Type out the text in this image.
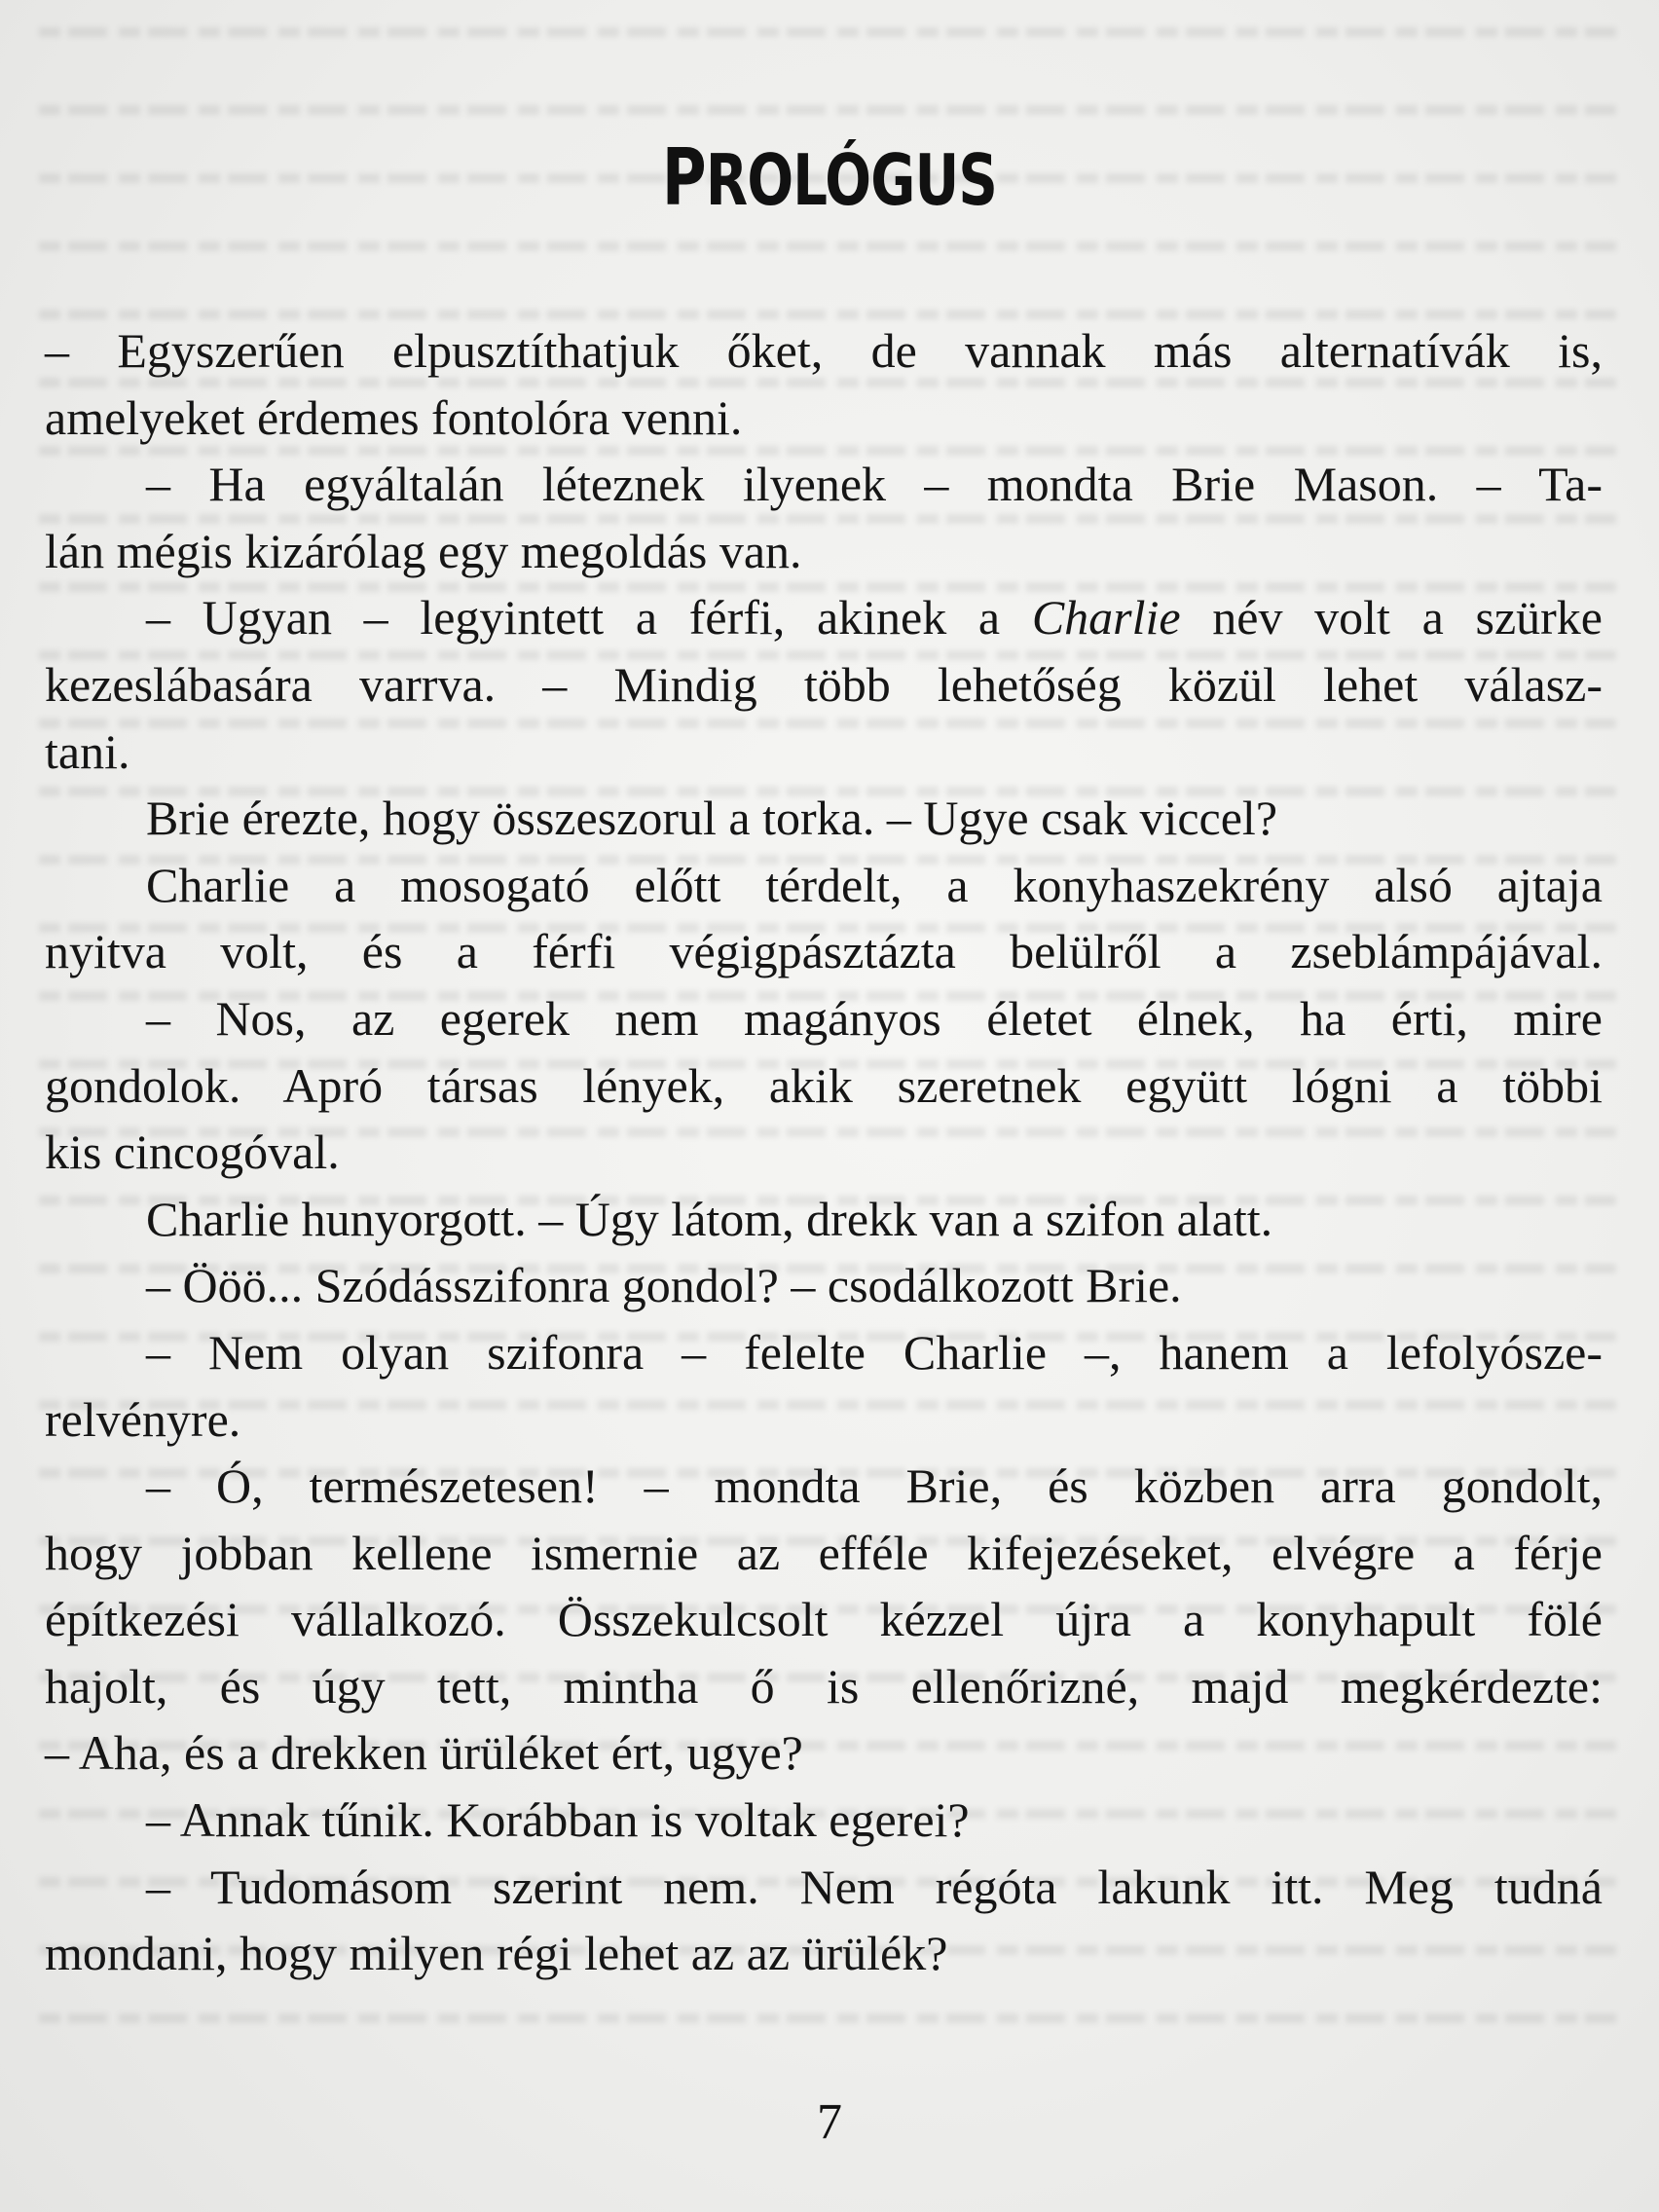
PROLÓGUS
– Egyszerűen elpusztíthatjuk őket, de vannak más alternatívák is,
amelyeket érdemes fontolóra venni.
– Ha egyáltalán léteznek ilyenek – mondta Brie Mason. – Ta-
lán mégis kizárólag egy megoldás van.
– Ugyan – legyintett a férfi, akinek a Charlie név volt a szürke
kezeslábasára varrva. – Mindig több lehetőség közül lehet válasz-
tani.
Brie érezte, hogy összeszorul a torka. – Ugye csak viccel?
Charlie a mosogató előtt térdelt, a konyhaszekrény alsó ajtaja
nyitva volt, és a férfi végigpásztázta belülről a zseblámpájával.
– Nos, az egerek nem magányos életet élnek, ha érti, mire
gondolok. Apró társas lények, akik szeretnek együtt lógni a többi
kis cincogóval.
Charlie hunyorgott. – Úgy látom, drekk van a szifon alatt.
– Ööö... Szódásszifonra gondol? – csodálkozott Brie.
– Nem olyan szifonra – felelte Charlie –, hanem a lefolyósze-
relvényre.
– Ó, természetesen! – mondta Brie, és közben arra gondolt,
hogy jobban kellene ismernie az efféle kifejezéseket, elvégre a férje
építkezési vállalkozó. Összekulcsolt kézzel újra a konyhapult fölé
hajolt, és úgy tett, mintha ő is ellenőrizné, majd megkérdezte:
– Aha, és a drekken ürüléket ért, ugye?
– Annak tűnik. Korábban is voltak egerei?
– Tudomásom szerint nem. Nem régóta lakunk itt. Meg tudná
mondani, hogy milyen régi lehet az az ürülék?
7
